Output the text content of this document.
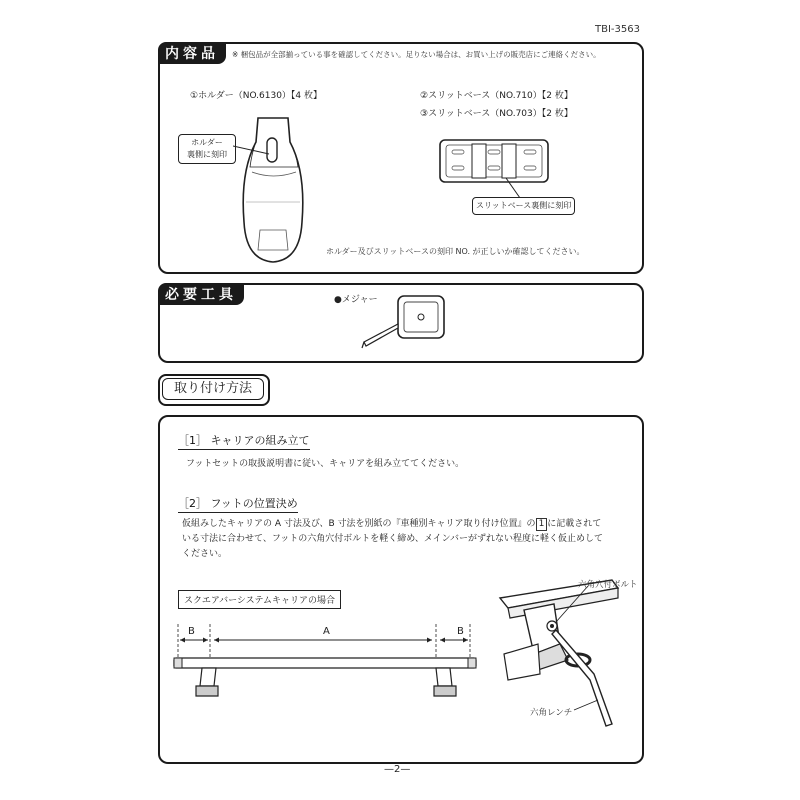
TBI-3563
内容品	※ 梱包品が全部揃っている事を確認してください。足りない場合は、お買い上げの販売店にご連絡ください。
①ホルダー（NO.6130）【4 枚】	②スリットベース（NO.710）【2 枚】
③スリットベース（NO.703）【2 枚】
ホルダー
裏側に刻印
スリットベース裏側に刻印
ホルダー及びスリットベースの刻印 NO. が正しいか確認してください。
必要工具	●メジャー
取り付け方法
［1］ キャリアの組み立て
フットセットの取扱説明書に従い、キャリアを組み立ててください。
［2］ フットの位置決め
仮組みしたキャリアの A 寸法及び、B 寸法を別紙の『車種別キャリア取り付け位置』の 1 に記載されて
いる寸法に合わせて、フットの六角穴付ボルトを軽く締め、メインバーがずれない程度に軽く仮止めして
ください。
スクエアバーシステムキャリアの場合
B	A	B
六角穴付ボルト
六角レンチ
—2—
